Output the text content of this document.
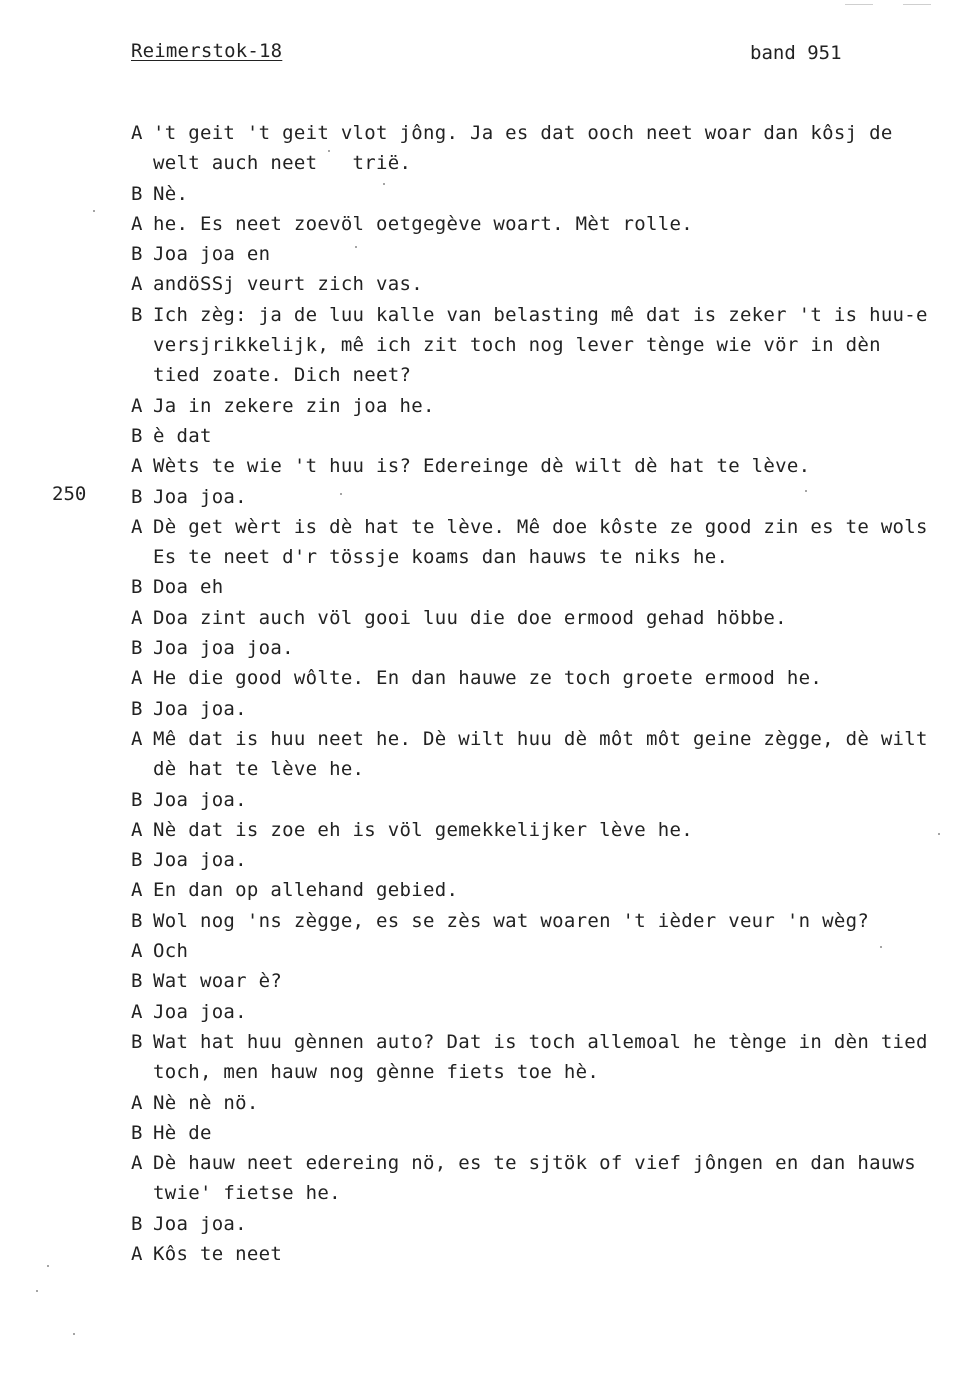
Reimerstok-18	band 951
250
A 't geit 't geit vlot jông. Ja es dat ooch neet woar dan kôsj de
welt auch neet   trië.
B Nè.
A he. Es neet zoevöl oetgegève woart. Mèt rolle.
B Joa joa en
A andöSSj veurt zich vas.
B Ich zèg: ja de luu kalle van belasting mê dat is zeker 't is huu-e
versjrikkelijk, mê ich zit toch nog lever tènge wie vör in dèn
tied zoate. Dich neet?
A Ja in zekere zin joa he.
B è dat
A Wèts te wie 't huu is? Edereinge dè wilt dè hat te lève.
B Joa joa.
A Dè get wèrt is dè hat te lève. Mê doe kôste ze good zin es te wols
Es te neet d'r tössje koams dan hauws te niks he.
B Doa eh
A Doa zint auch völ gooi luu die doe ermood gehad höbbe.
B Joa joa joa.
A He die good wôlte. En dan hauwe ze toch groete ermood he.
B Joa joa.
A Mê dat is huu neet he. Dè wilt huu dè môt môt geine zègge, dè wilt
dè hat te lève he.
B Joa joa.
A Nè dat is zoe eh is völ gemekkelijker lève he.
B Joa joa.
A En dan op allehand gebied.
B Wol nog 'ns zègge, es se zès wat woaren 't ièder veur 'n wèg?
A Och
B Wat woar è?
A Joa joa.
B Wat hat huu gènnen auto? Dat is toch allemoal he tènge in dèn tied
toch, men hauw nog gènne fiets toe hè.
A Nè nè nö.
B Hè de
A Dè hauw neet edereing nö, es te sjtök of vief jôngen en dan hauws
twie' fietse he.
B Joa joa.
A Kôs te neet
